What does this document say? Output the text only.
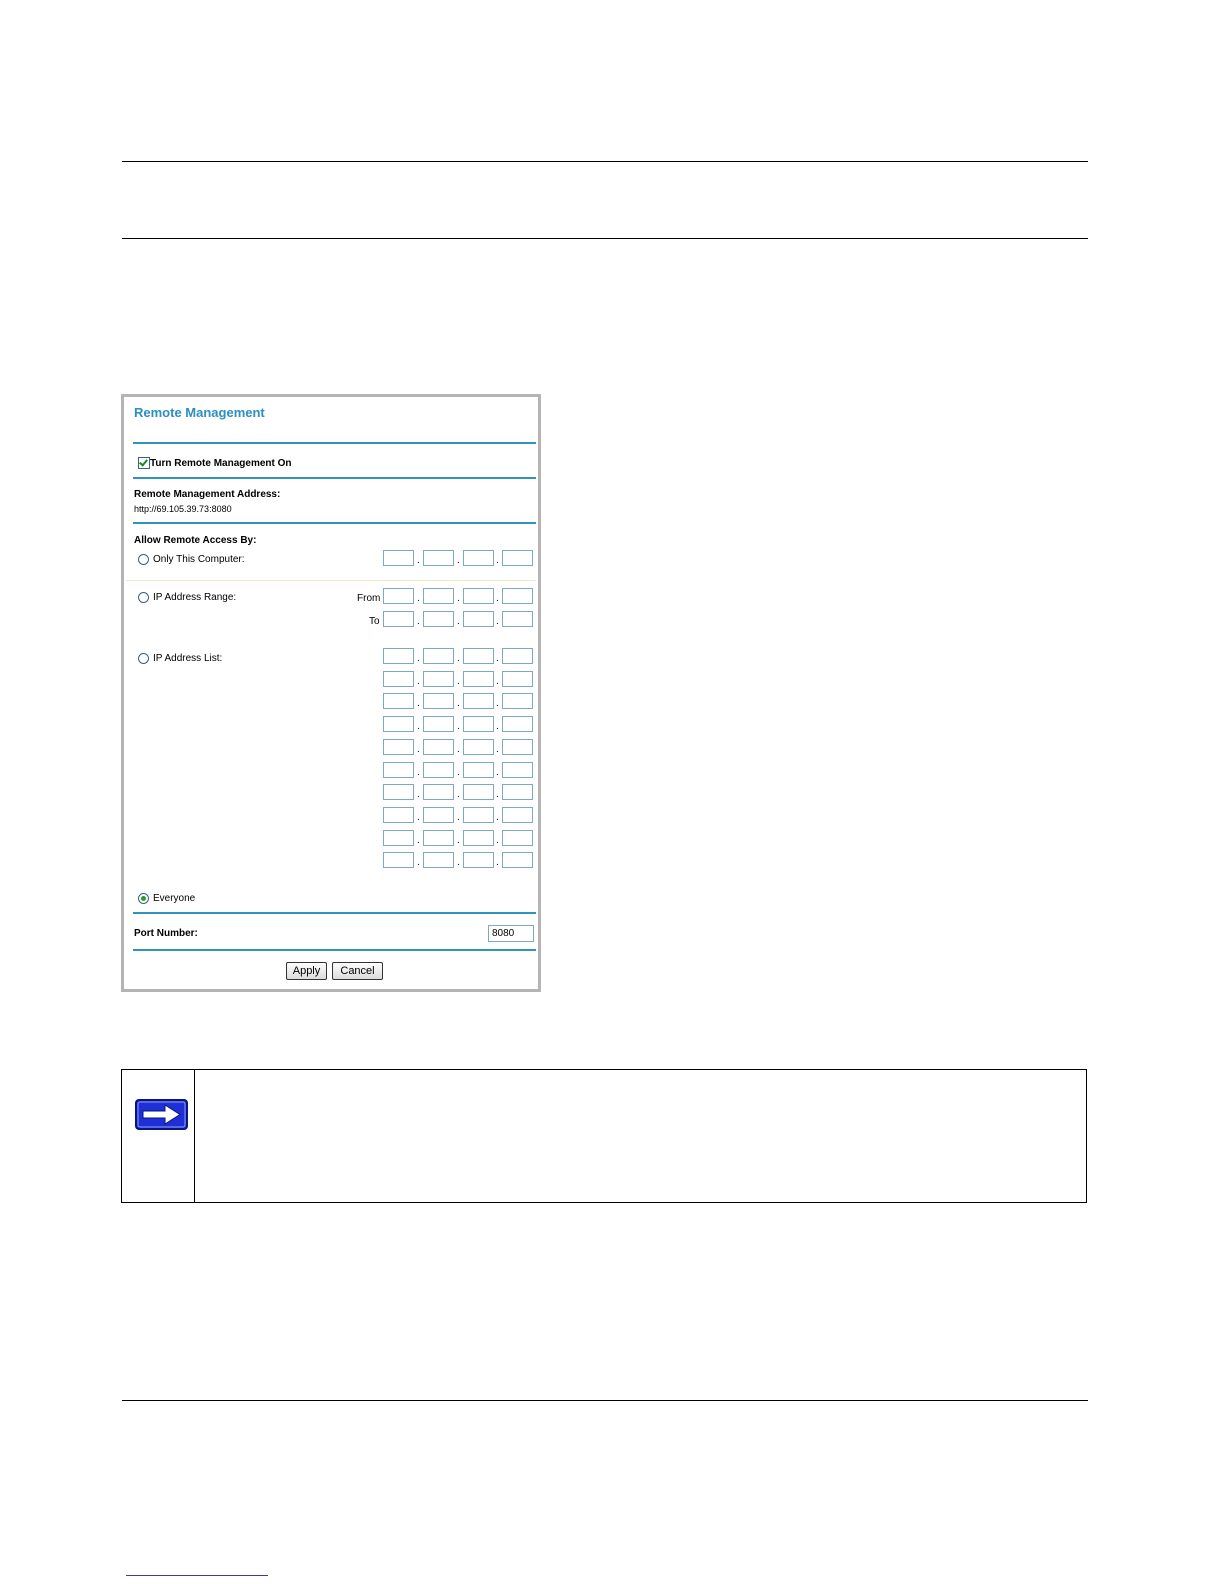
Remote Management
Turn Remote Management On
Remote Management Address:
http://69.105.39.73:8080
Allow Remote Access By:
Only This Computer:	.	.	.
IP Address Range:	From	.	.	.
To	.	.	.
IP Address List:	.	.	.
.	.	.
.	.	.
.	.	.
.	.	.
.	.	.
.	.	.
.	.	.
.	.	.
.	.	.
Everyone
Port Number:	8080
Apply	Cancel
